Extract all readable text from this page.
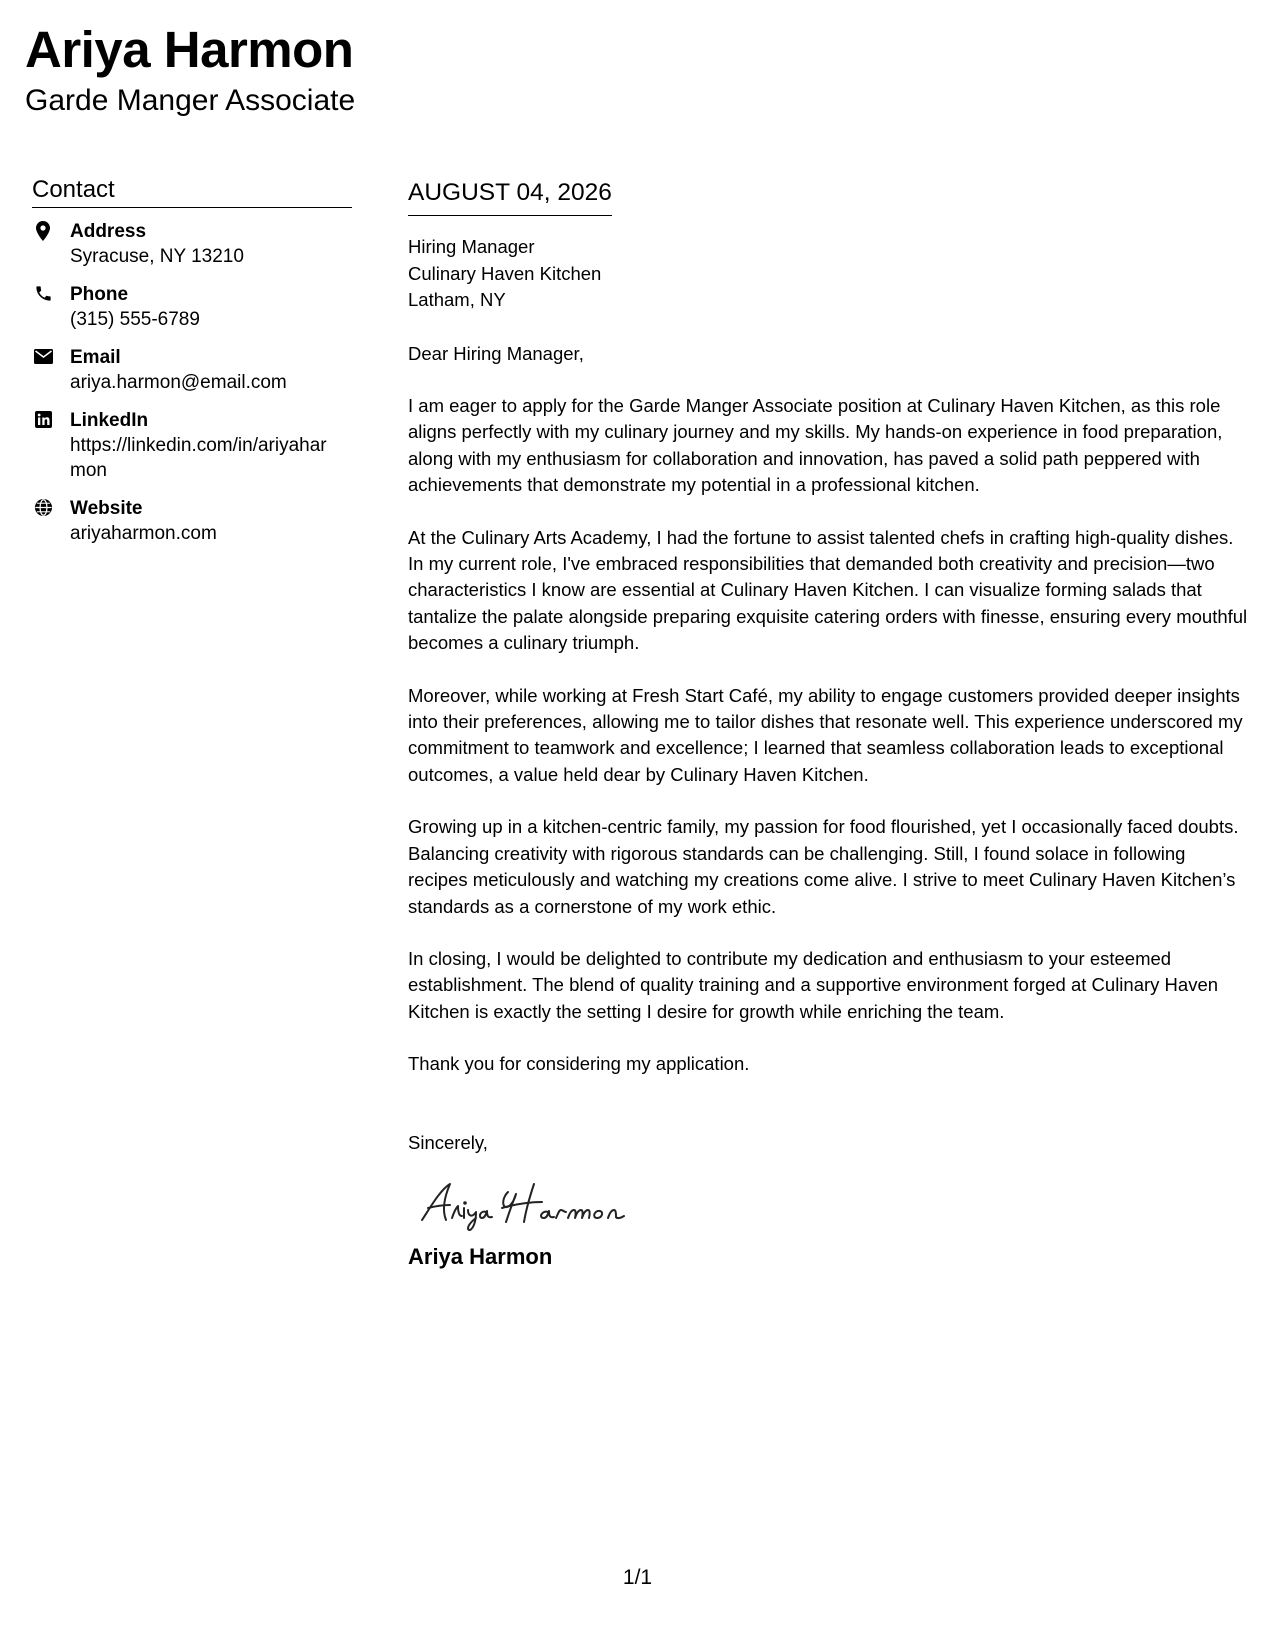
Ariya Harmon
Garde Manger Associate
Contact
Address
Syracuse, NY 13210
Phone
(315) 555-6789
Email
ariya.harmon@email.com
LinkedIn
https://linkedin.com/in/ariyaharmon
Website
ariyaharmon.com
AUGUST 04, 2026
Hiring Manager
Culinary Haven Kitchen
Latham, NY
Dear Hiring Manager,

I am eager to apply for the Garde Manger Associate position at Culinary Haven Kitchen, as this role aligns perfectly with my culinary journey and my skills. My hands-on experience in food preparation, along with my enthusiasm for collaboration and innovation, has paved a solid path peppered with achievements that demonstrate my potential in a professional kitchen.

At the Culinary Arts Academy, I had the fortune to assist talented chefs in crafting high-quality dishes. In my current role, I've embraced responsibilities that demanded both creativity and precision—two characteristics I know are essential at Culinary Haven Kitchen. I can visualize forming salads that tantalize the palate alongside preparing exquisite catering orders with finesse, ensuring every mouthful becomes a culinary triumph.

Moreover, while working at Fresh Start Café, my ability to engage customers provided deeper insights into their preferences, allowing me to tailor dishes that resonate well. This experience underscored my commitment to teamwork and excellence; I learned that seamless collaboration leads to exceptional outcomes, a value held dear by Culinary Haven Kitchen.

Growing up in a kitchen-centric family, my passion for food flourished, yet I occasionally faced doubts. Balancing creativity with rigorous standards can be challenging. Still, I found solace in following recipes meticulously and watching my creations come alive. I strive to meet Culinary Haven Kitchen’s standards as a cornerstone of my work ethic.

In closing, I would be delighted to contribute my dedication and enthusiasm to your esteemed establishment. The blend of quality training and a supportive environment forged at Culinary Haven Kitchen is exactly the setting I desire for growth while enriching the team.

Thank you for considering my application.
Sincerely,
Ariya Harmon
1/1
